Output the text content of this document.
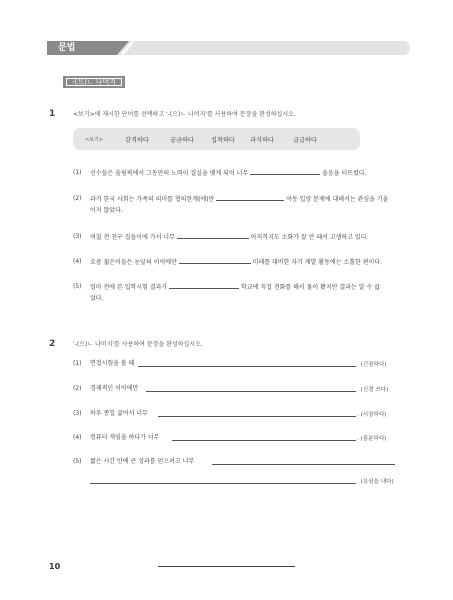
문법
-(으)ㄴ 나머지
1	<보기>에 제시한 단어를 선택하고 '-(으)ㄴ 나머지'를 사용하여 문장을 완성하십시오.
<보기>	감격하다	궁금하다	집착하다 과식하다	급급하다
(1) 선수들은 올림픽에서 그동안의 노력이 결실을 맺게 되어 너무	울음을 터뜨렸다.
(2) 과거 한국 사회는 가족의 의미를 협의한계(에)만	아동 입양 문제에 대해서는 관심을 기울
이지 않았다.
(3) 며칠 전 친구 집들이에 가서 너무	아직까지도 소화가 잘 안 돼서 고생하고 있다.
(4) 요즘 젊은이들은 눈앞의 이익에만	미래를 대비한 자기 계발 활동에는 소홀한 편이다.
(5) 얼마 전에 본 입학시험 결과가	학교에 직접 전화를 해서 물어 봤지만 결과는 알 수 없
었다.
2	'-(으)ㄴ 나머지'를 사용하여 문장을 완성하십시오.
(1) 면접시험을 볼 때	. (긴장하다)
(2) 경제적인 이익에만	. (신경 쓰다)
(3) 하루 종일 굶어서 너무	. (시장하다)
(4) 컴퓨터 게임을 하다가 너무	. (흥분하다)
(5) 짧은 시간 안에 큰 성과를 얻으려고 너무
. (욕심을 내다)
10
